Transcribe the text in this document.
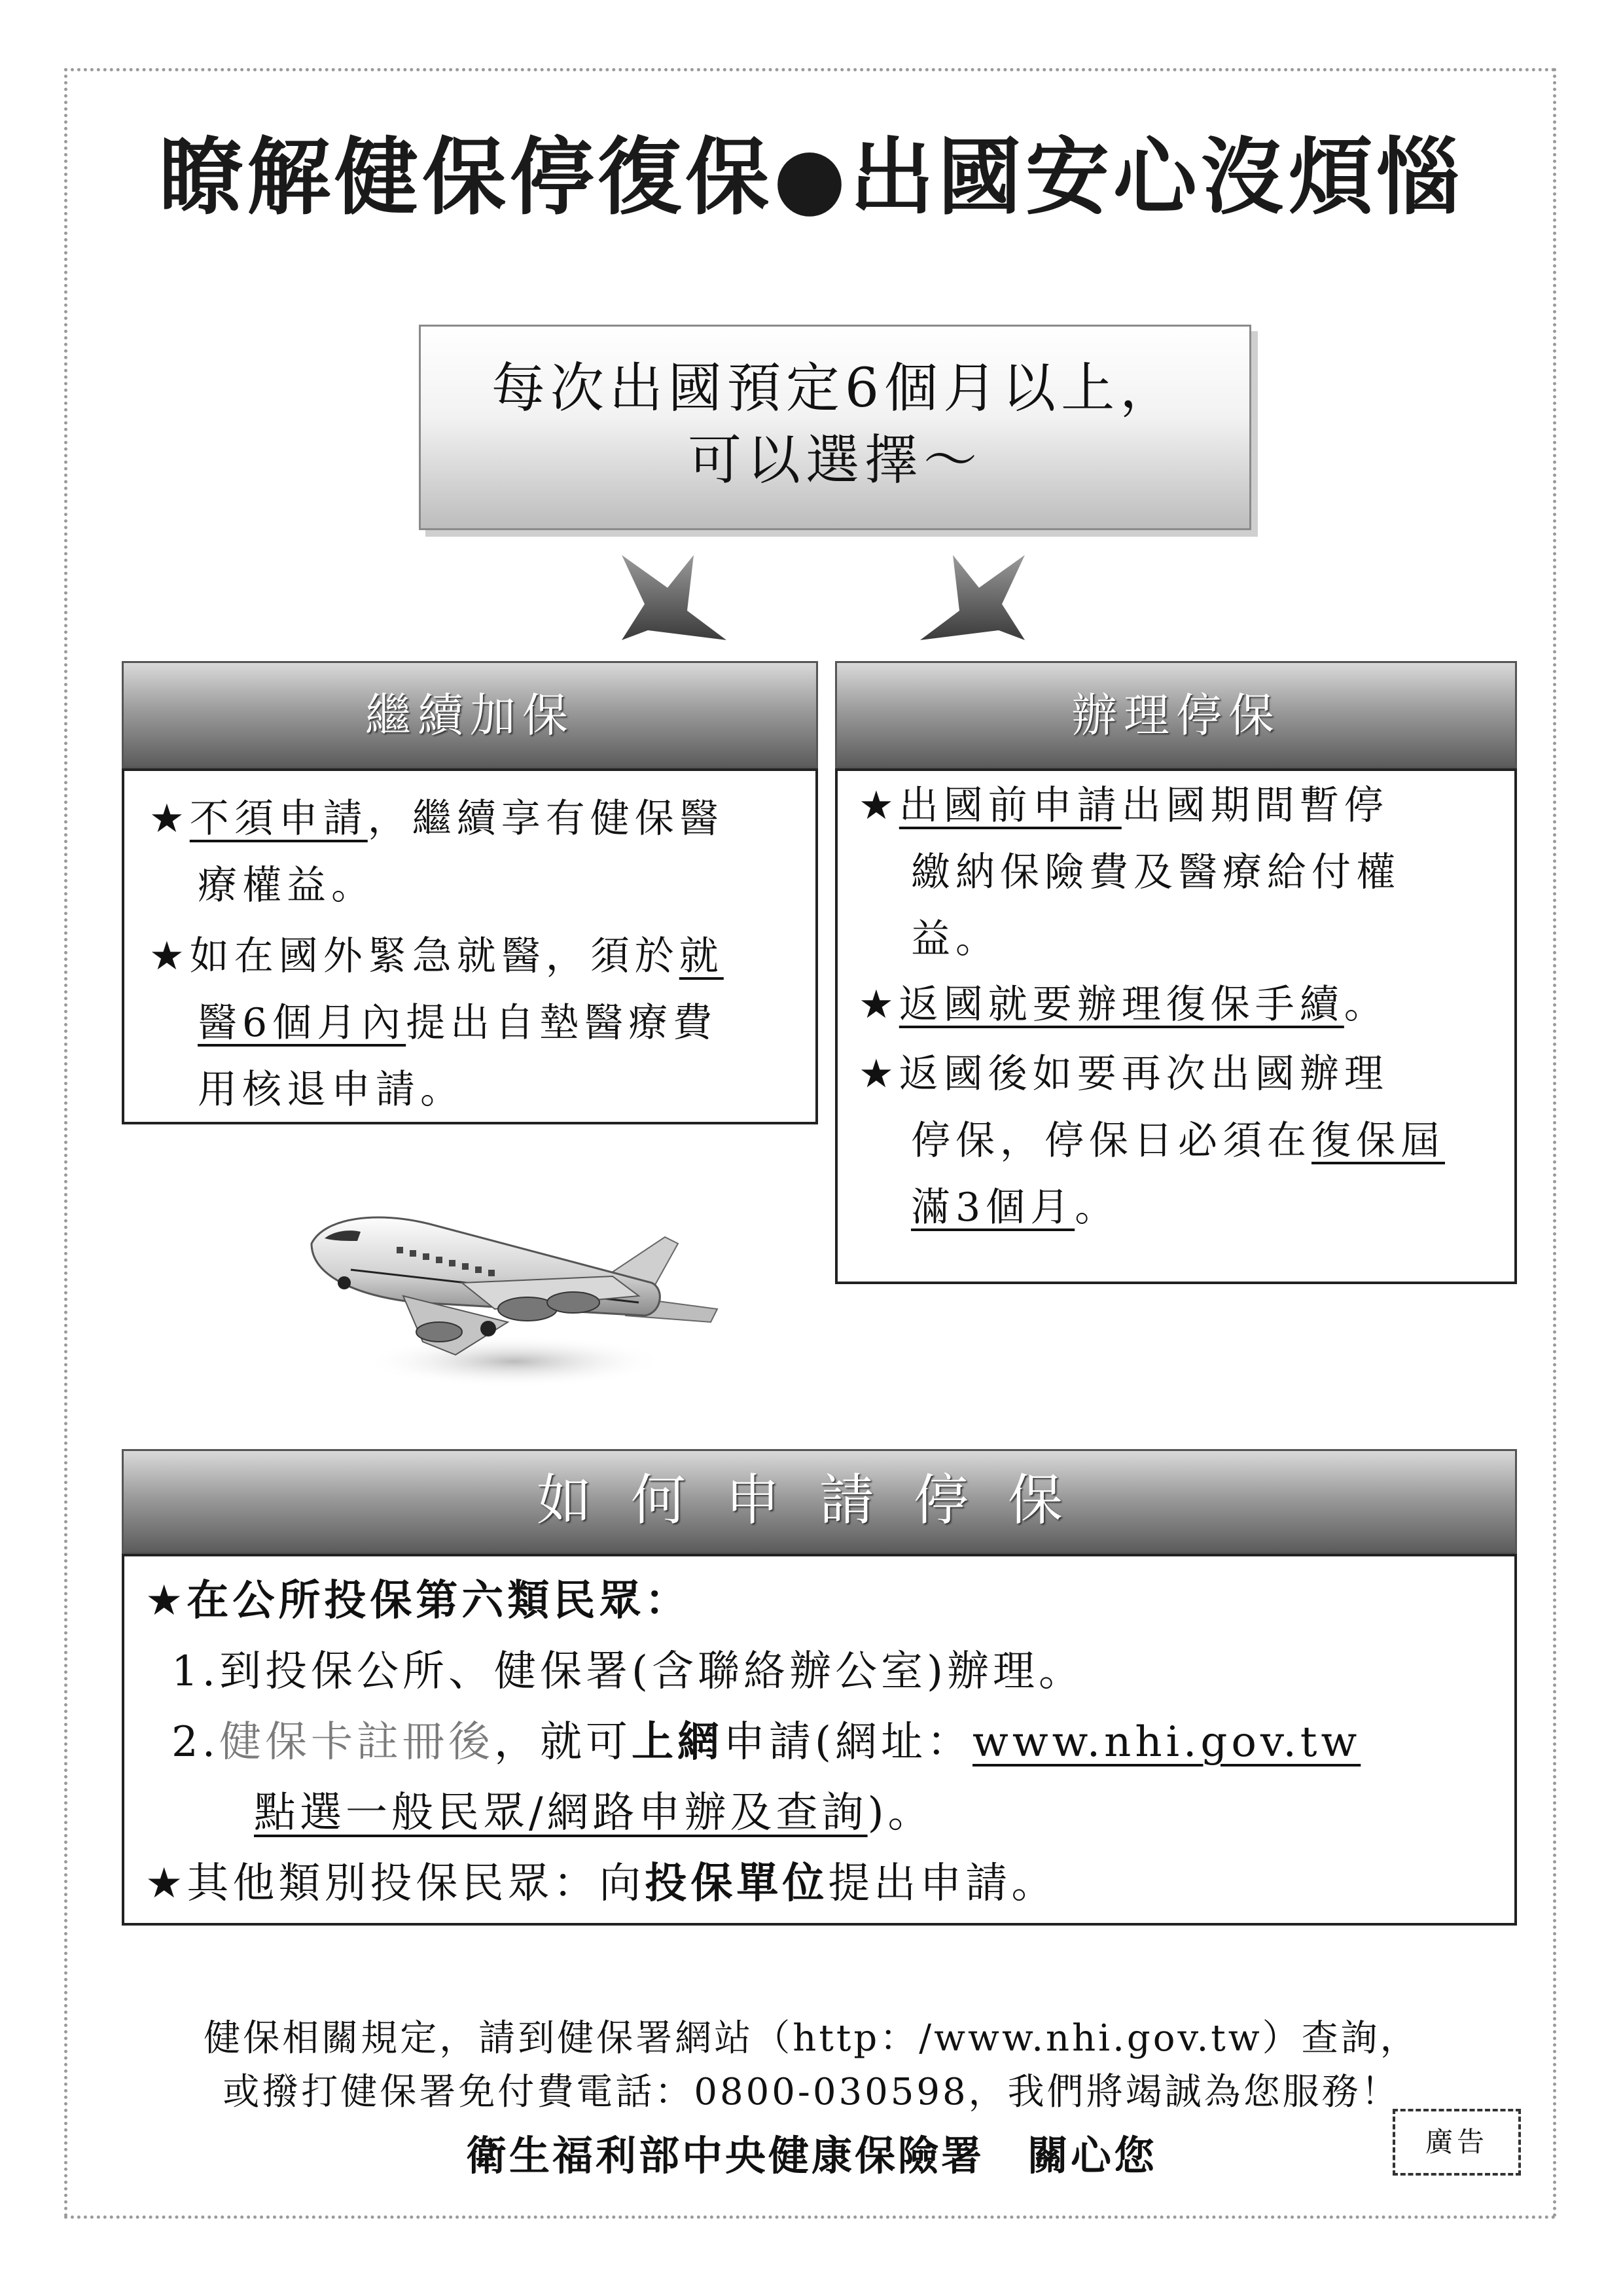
瞭解健保停復保●出國安心沒煩惱
每次出國預定6個月以上，
可以選擇～
繼續加保
★不須申請，繼續享有健保醫
療權益。
★如在國外緊急就醫，須於就
醫6個月內提出自墊醫療費
用核退申請。
辦理停保
★出國前申請出國期間暫停
繳納保險費及醫療給付權
益。
★返國就要辦理復保手續。
★返國後如要再次出國辦理
停保，停保日必須在復保屆
滿3個月。
如何申請停保
★在公所投保第六類民眾：
1.到投保公所、健保署(含聯絡辦公室)辦理。
2.健保卡註冊後，就可上網申請(網址：www.nhi.gov.tw
點選一般民眾/網路申辦及查詢)。
★其他類別投保民眾：向投保單位提出申請。
健保相關規定，請到健保署網站（http：/www.nhi.gov.tw）查詢，
或撥打健保署免付費電話：0800-030598，我們將竭誠為您服務！
衛生福利部中央健康保險署　關心您	廣告
